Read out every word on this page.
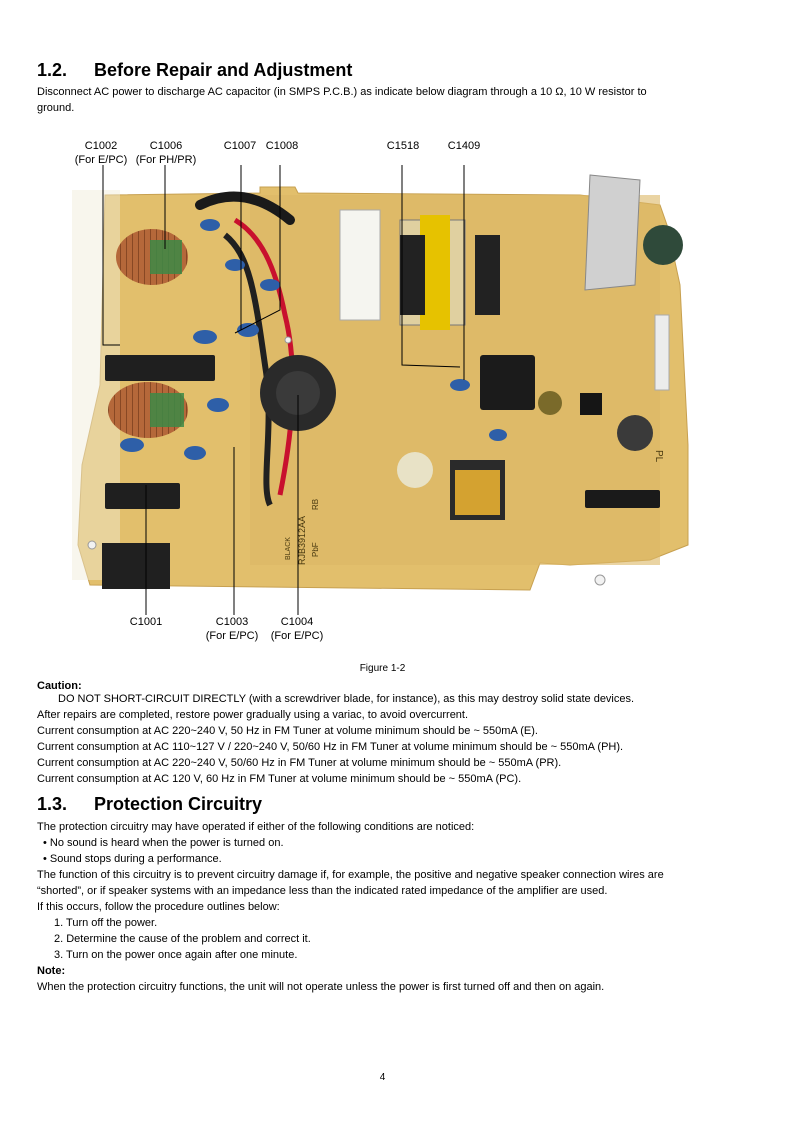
1.2. Before Repair and Adjustment
Disconnect AC power to discharge AC capacitor (in SMPS P.C.B.) as indicate below diagram through a 10 Ω, 10 W resistor to
ground.
C1002
(For E/PC)
C1006
(For PH/PR)
C1007 C1008	C1518	C1409
RJB3912AA PbF
BLACK
PL
RB
C1001	C1003
(For E/PC)
C1004
(For E/PC)
Figure 1-2
Caution:
DO NOT SHORT-CIRCUIT DIRECTLY (with a screwdriver blade, for instance), as this may destroy solid state devices.
After repairs are completed, restore power gradually using a variac, to avoid overcurrent.
Current consumption at AC 220~240 V, 50 Hz in FM Tuner at volume minimum should be ~ 550mA (E).
Current consumption at AC 110~127 V / 220~240 V, 50/60 Hz in FM Tuner at volume minimum should be ~ 550mA (PH).
Current consumption at AC 220~240 V, 50/60 Hz in FM Tuner at volume minimum should be ~ 550mA (PR).
Current consumption at AC 120 V, 60 Hz in FM Tuner at volume minimum should be ~ 550mA (PC).
1.3. Protection Circuitry
The protection circuitry may have operated if either of the following conditions are noticed:
• No sound is heard when the power is turned on.
• Sound stops during a performance.
The function of this circuitry is to prevent circuitry damage if, for example, the positive and negative speaker connection wires are
“shorted”, or if speaker systems with an impedance less than the indicated rated impedance of the amplifier are used.
If this occurs, follow the procedure outlines below:
1. Turn off the power.
2. Determine the cause of the problem and correct it.
3. Turn on the power once again after one minute.
Note:
When the protection circuitry functions, the unit will not operate unless the power is first turned off and then on again.
4
